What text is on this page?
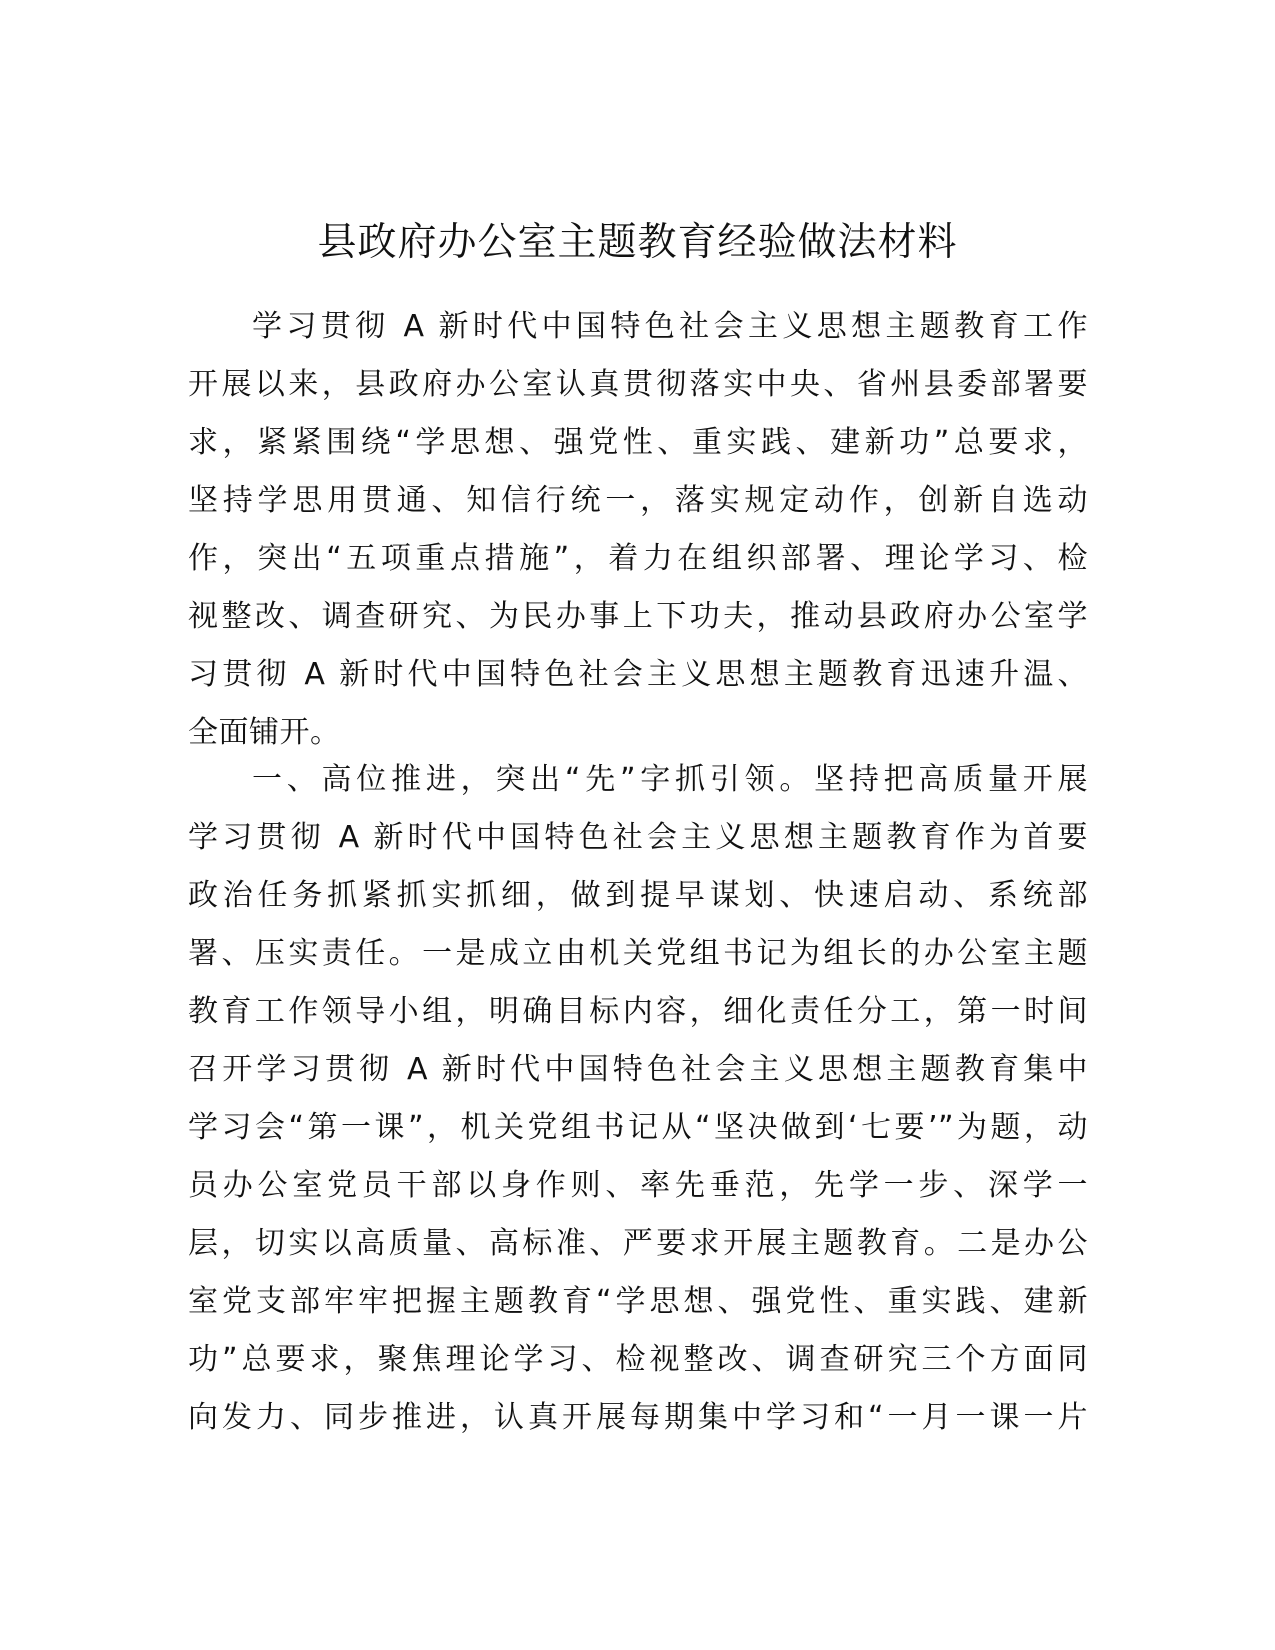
县政府办公室主题教育经验做法材料
学习贯彻 A 新时代中国特色社会主义思想主题教育工作
开展以来，县政府办公室认真贯彻落实中央、省州县委部署要
求，紧紧围绕“学思想、强党性、重实践、建新功”总要求，
坚持学思用贯通、知信行统一，落实规定动作，创新自选动
作，突出“五项重点措施”，着力在组织部署、理论学习、检
视整改、调查研究、为民办事上下功夫，推动县政府办公室学
习贯彻 A 新时代中国特色社会主义思想主题教育迅速升温、
全面铺开。
一、高位推进，突出“先”字抓引领。坚持把高质量开展
学习贯彻 A 新时代中国特色社会主义思想主题教育作为首要
政治任务抓紧抓实抓细，做到提早谋划、快速启动、系统部
署、压实责任。一是成立由机关党组书记为组长的办公室主题
教育工作领导小组，明确目标内容，细化责任分工，第一时间
召开学习贯彻 A 新时代中国特色社会主义思想主题教育集中
学习会“第一课”，机关党组书记从“坚决做到‘七要’”为题，动
员办公室党员干部以身作则、率先垂范，先学一步、深学一
层，切实以高质量、高标准、严要求开展主题教育。二是办公
室党支部牢牢把握主题教育“学思想、强党性、重实践、建新
功”总要求，聚焦理论学习、检视整改、调查研究三个方面同
向发力、同步推进，认真开展每期集中学习和“一月一课一片
